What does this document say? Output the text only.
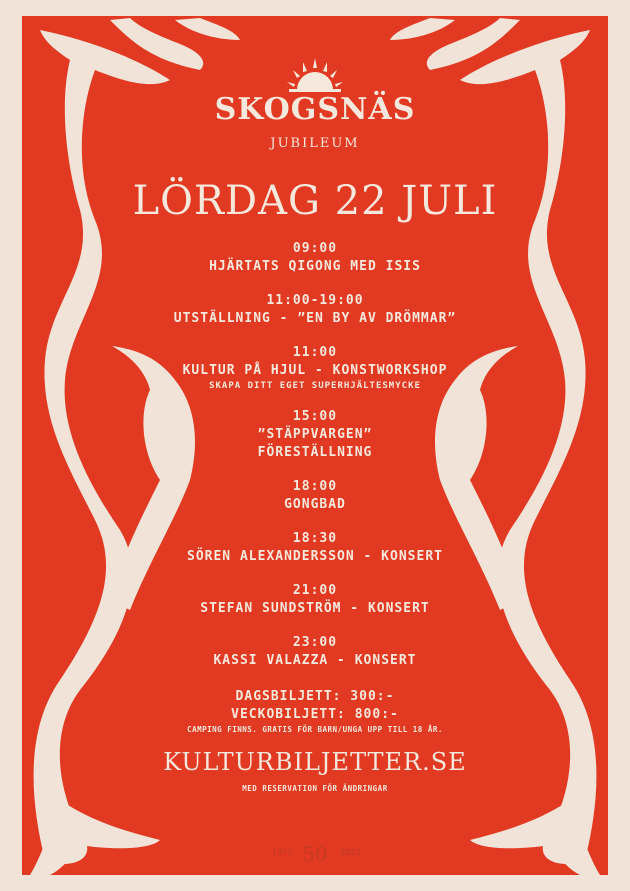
SKOGSNÄS
JUBILEUM
LÖRDAG 22 JULI
09:00
HJÄRTATS QIGONG MED ISIS
11:00-19:00
UTSTÄLLNING - ”EN BY AV DRÖMMAR”
11:00
KULTUR PÅ HJUL - KONSTWORKSHOP
SKAPA DITT EGET SUPERHJÄLTESMYCKE
15:00
”STÄPPVARGEN”
FÖRESTÄLLNING
18:00
GONGBAD
18:30
SÖREN ALEXANDERSSON - KONSERT
21:00
STEFAN SUNDSTRÖM - KONSERT
23:00
KASSI VALAZZA - KONSERT
DAGSBILJETT: 300:-
VECKOBILJETT: 800:-
CAMPING FINNS. GRATIS FÖR BARN/UNGA UPP TILL 18 ÅR.
KULTURBILJETTER.SE
MED RESERVATION FÖR ÄNDRINGAR
1973 50	2023
